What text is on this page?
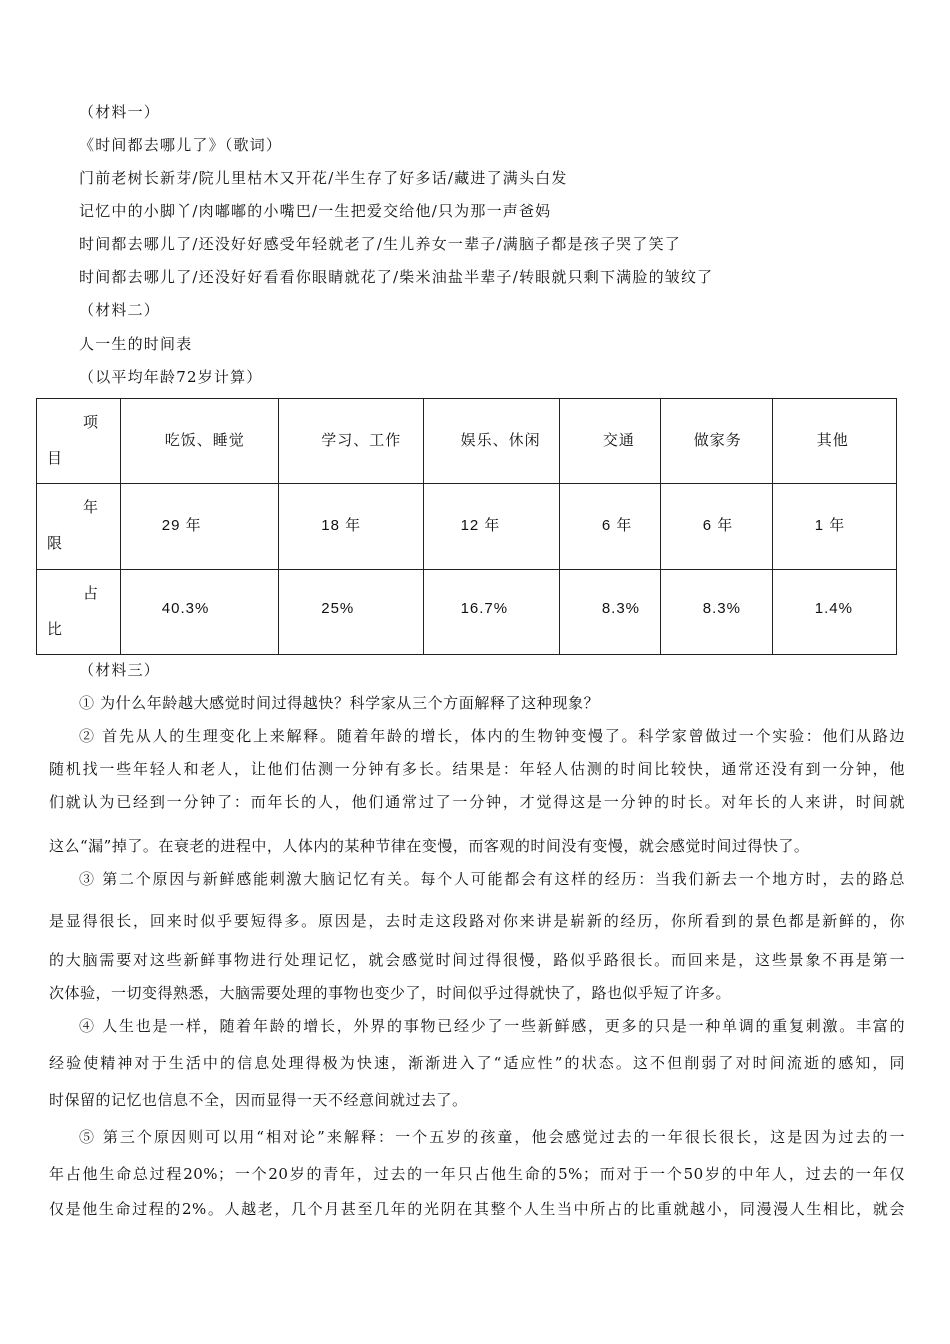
（材料一）
《时间都去哪儿了》（歌词）
门前老树长新芽/院儿里枯木又开花/半生存了好多话/藏进了满头白发
记忆中的小脚丫/肉嘟嘟的小嘴巴/一生把爱交给他/只为那一声爸妈
时间都去哪儿了/还没好好感受年轻就老了/生儿养女一辈子/满脑子都是孩子哭了笑了
时间都去哪儿了/还没好好看看你眼睛就花了/柴米油盐半辈子/转眼就只剩下满脸的皱纹了
（材料二）
人一生的时间表
（以平均年龄72岁计算）
项
目	吃饭、睡觉	学习、工作	娱乐、休闲	交通	做家务	其他

年
限	29 年	18 年	12 年	6 年	6 年	1 年

占
比	40.3%	25%	16.7%	8.3%	8.3%	1.4%
（材料三）
① 为什么年龄越大感觉时间过得越快？科学家从三个方面解释了这种现象？
② 首先从人的生理变化上来解释。随着年龄的增长，体内的生物钟变慢了。科学家曾做过一个实验：他们从路边
随机找一些年轻人和老人，让他们估测一分钟有多长。结果是：年轻人估测的时间比较快，通常还没有到一分钟，他
们就认为已经到一分钟了：而年长的人，他们通常过了一分钟，才觉得这是一分钟的时长。对年长的人来讲，时间就
这么“漏”掉了。在衰老的进程中，人体内的某种节律在变慢，而客观的时间没有变慢，就会感觉时间过得快了。
③ 第二个原因与新鲜感能刺激大脑记忆有关。每个人可能都会有这样的经历：当我们新去一个地方时，去的路总
是显得很长，回来时似乎要短得多。原因是，去时走这段路对你来讲是崭新的经历，你所看到的景色都是新鲜的，你
的大脑需要对这些新鲜事物进行处理记忆，就会感觉时间过得很慢，路似乎路很长。而回来是，这些景象不再是第一
次体验，一切变得熟悉，大脑需要处理的事物也变少了，时间似乎过得就快了，路也似乎短了许多。
④ 人生也是一样，随着年龄的增长，外界的事物已经少了一些新鲜感，更多的只是一种单调的重复刺激。丰富的
经验使精神对于生活中的信息处理得极为快速，渐渐进入了“适应性”的状态。这不但削弱了对时间流逝的感知，同
时保留的记忆也信息不全，因而显得一天不经意间就过去了。
⑤ 第三个原因则可以用“相对论”来解释：一个五岁的孩童，他会感觉过去的一年很长很长，这是因为过去的一
年占他生命总过程20%；一个20岁的青年，过去的一年只占他生命的5%；而对于一个50岁的中年人，过去的一年仅
仅是他生命过程的2%。人越老，几个月甚至几年的光阴在其整个人生当中所占的比重就越小，同漫漫人生相比，就会
